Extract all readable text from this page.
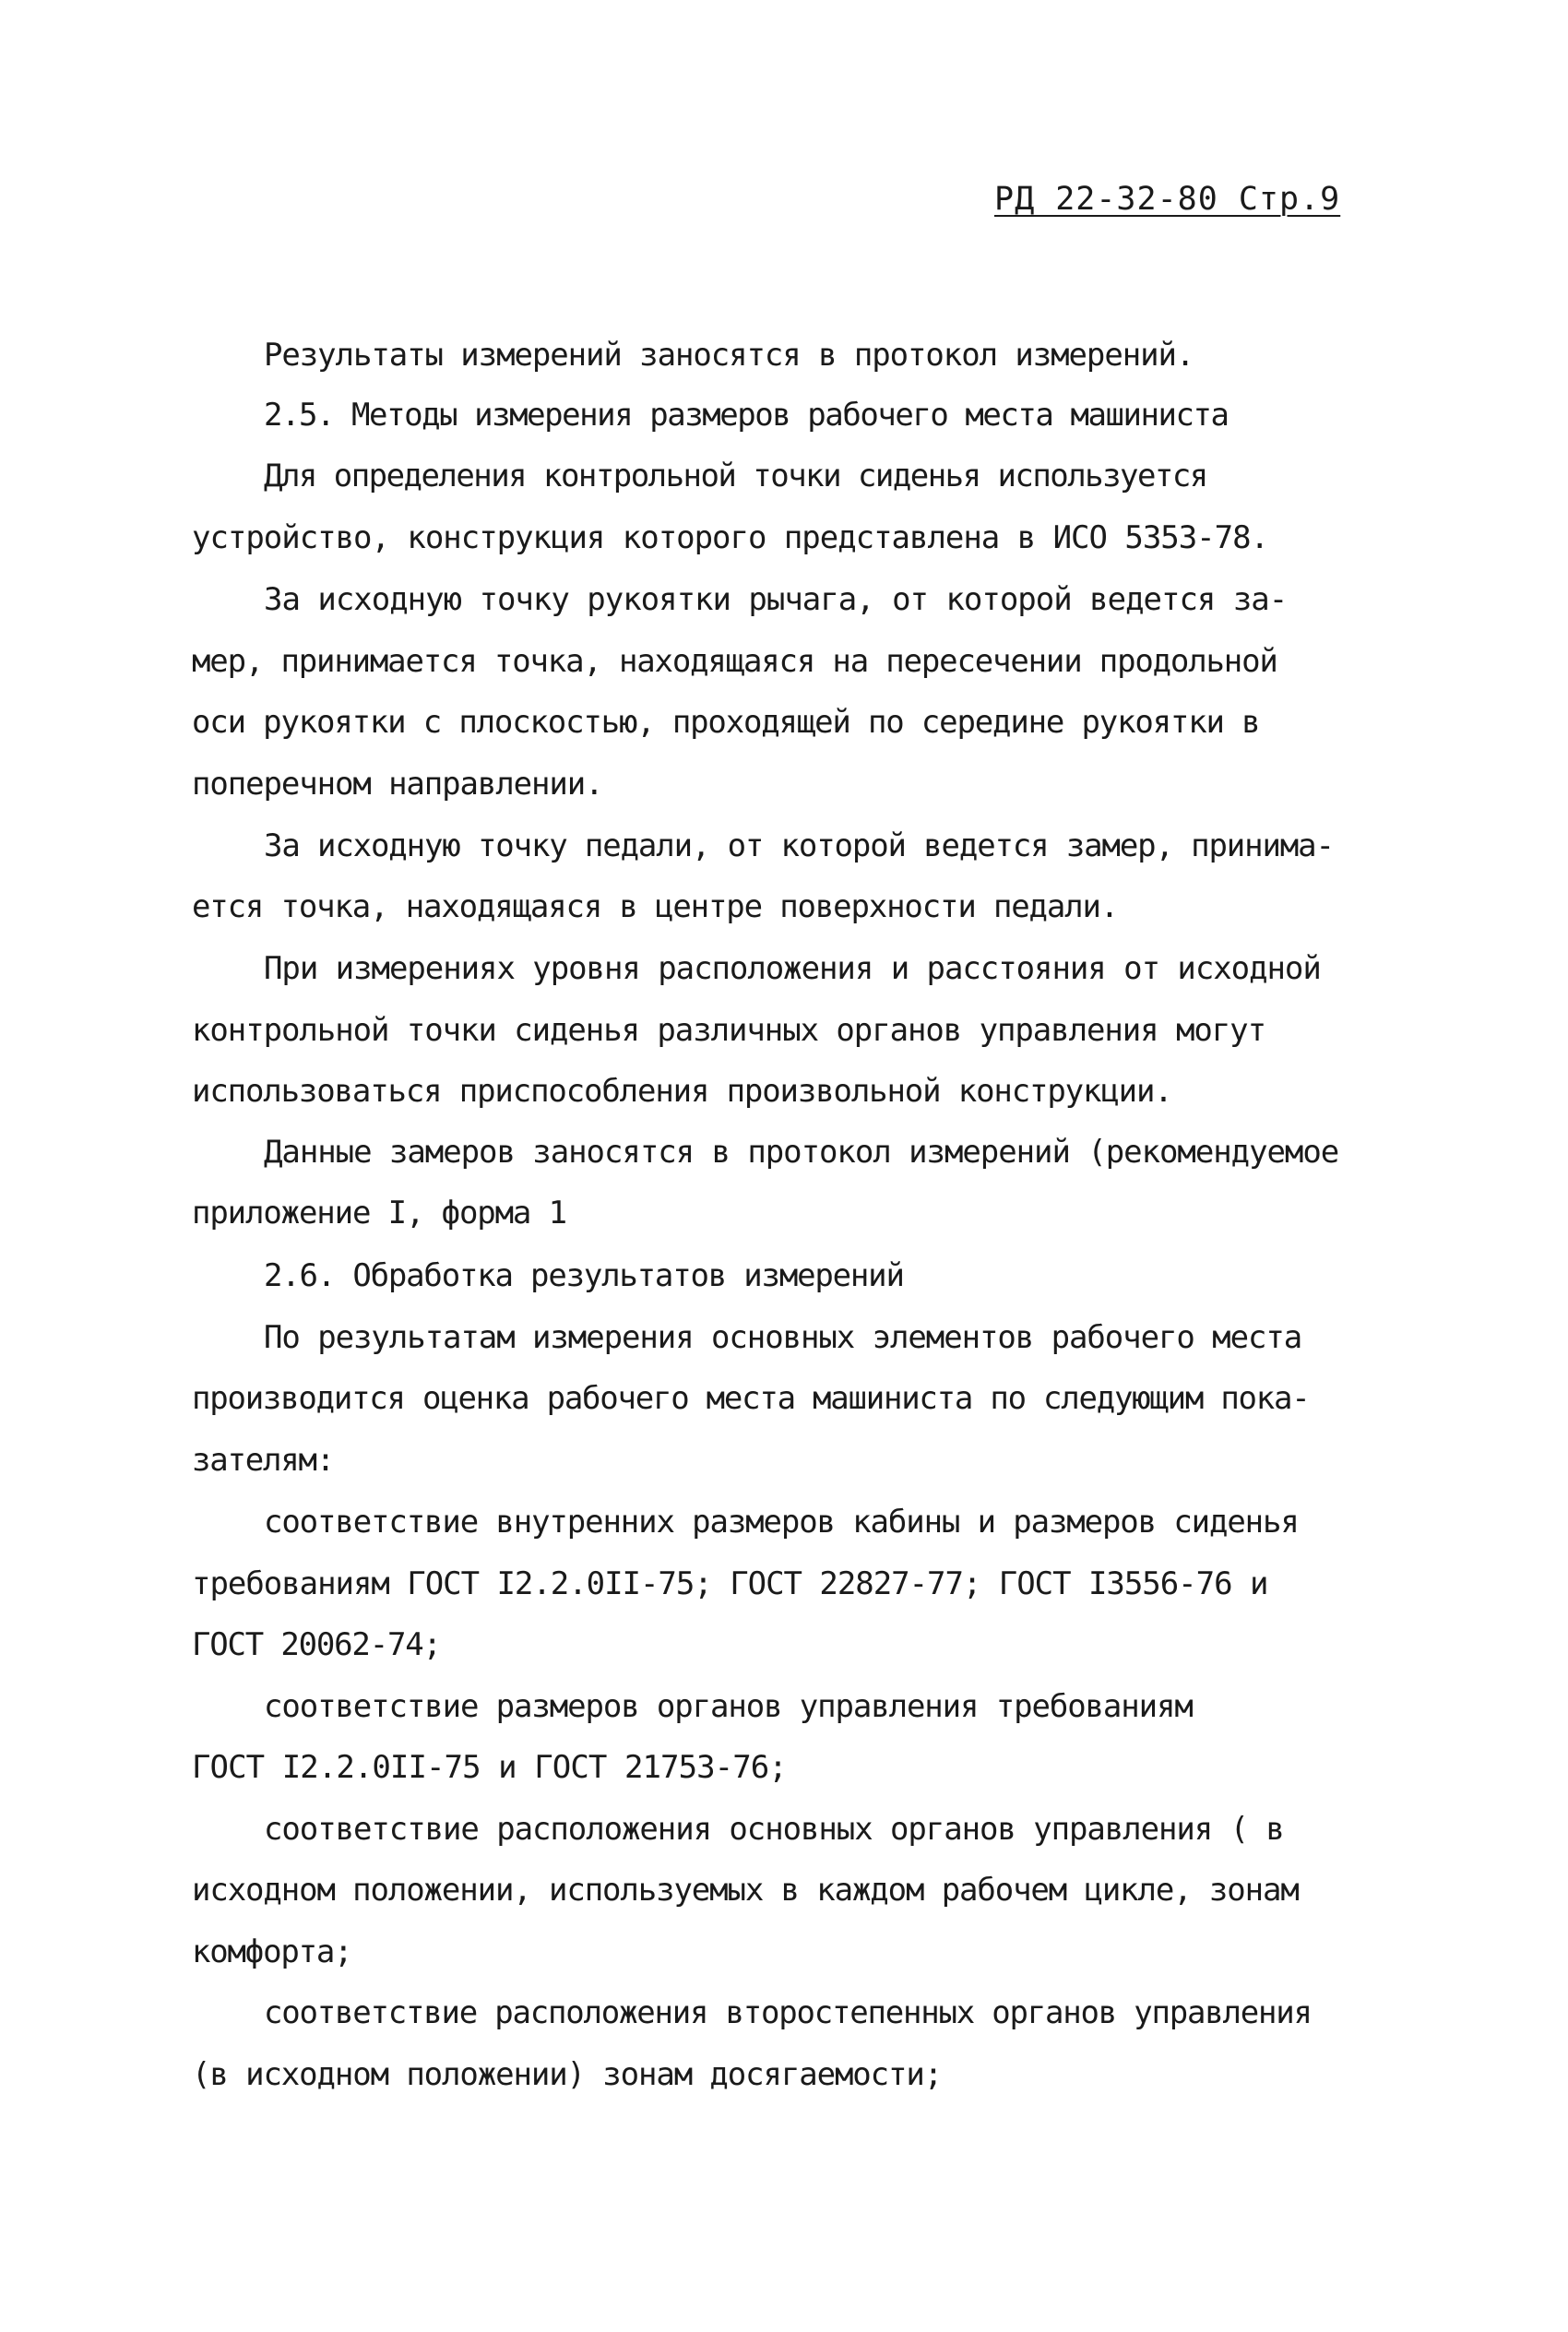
РД 22-32-80 Стр.9
Результаты измерений заносятся в протокол измерений.
2.5. Методы измерения размеров рабочего места машиниста
Для определения контрольной точки сиденья используется
устройство, конструкция которого представлена в ИСО 5353-78.
За исходную точку рукоятки рычага, от которой ведется за-
мер, принимается точка, находящаяся на пересечении продольной
оси рукоятки с плоскостью, проходящей по середине рукоятки в
поперечном направлении.
За исходную точку педали, от которой ведется замер, принима-
ется точка, находящаяся в центре поверхности педали.
При измерениях уровня расположения и расстояния от исходной
контрольной точки сиденья различных органов управления могут
использоваться приспособления произвольной конструкции.
Данные замеров заносятся в протокол измерений (рекомендуемое
приложение I, форма 1
2.6. Обработка результатов измерений
По результатам измерения основных элементов рабочего места
производится оценка рабочего места машиниста по следующим пока-
зателям:
соответствие внутренних размеров кабины и размеров сиденья
требованиям ГОСТ I2.2.0II-75; ГОСТ 22827-77; ГОСТ I3556-76 и
ГОСТ 20062-74;
соответствие размеров органов управления требованиям
ГОСТ I2.2.0II-75 и ГОСТ 21753-76;
соответствие расположения основных органов управления ( в
исходном положении, используемых в каждом рабочем цикле, зонам
комфорта;
соответствие расположения второстепенных органов управления
(в исходном положении) зонам досягаемости;
